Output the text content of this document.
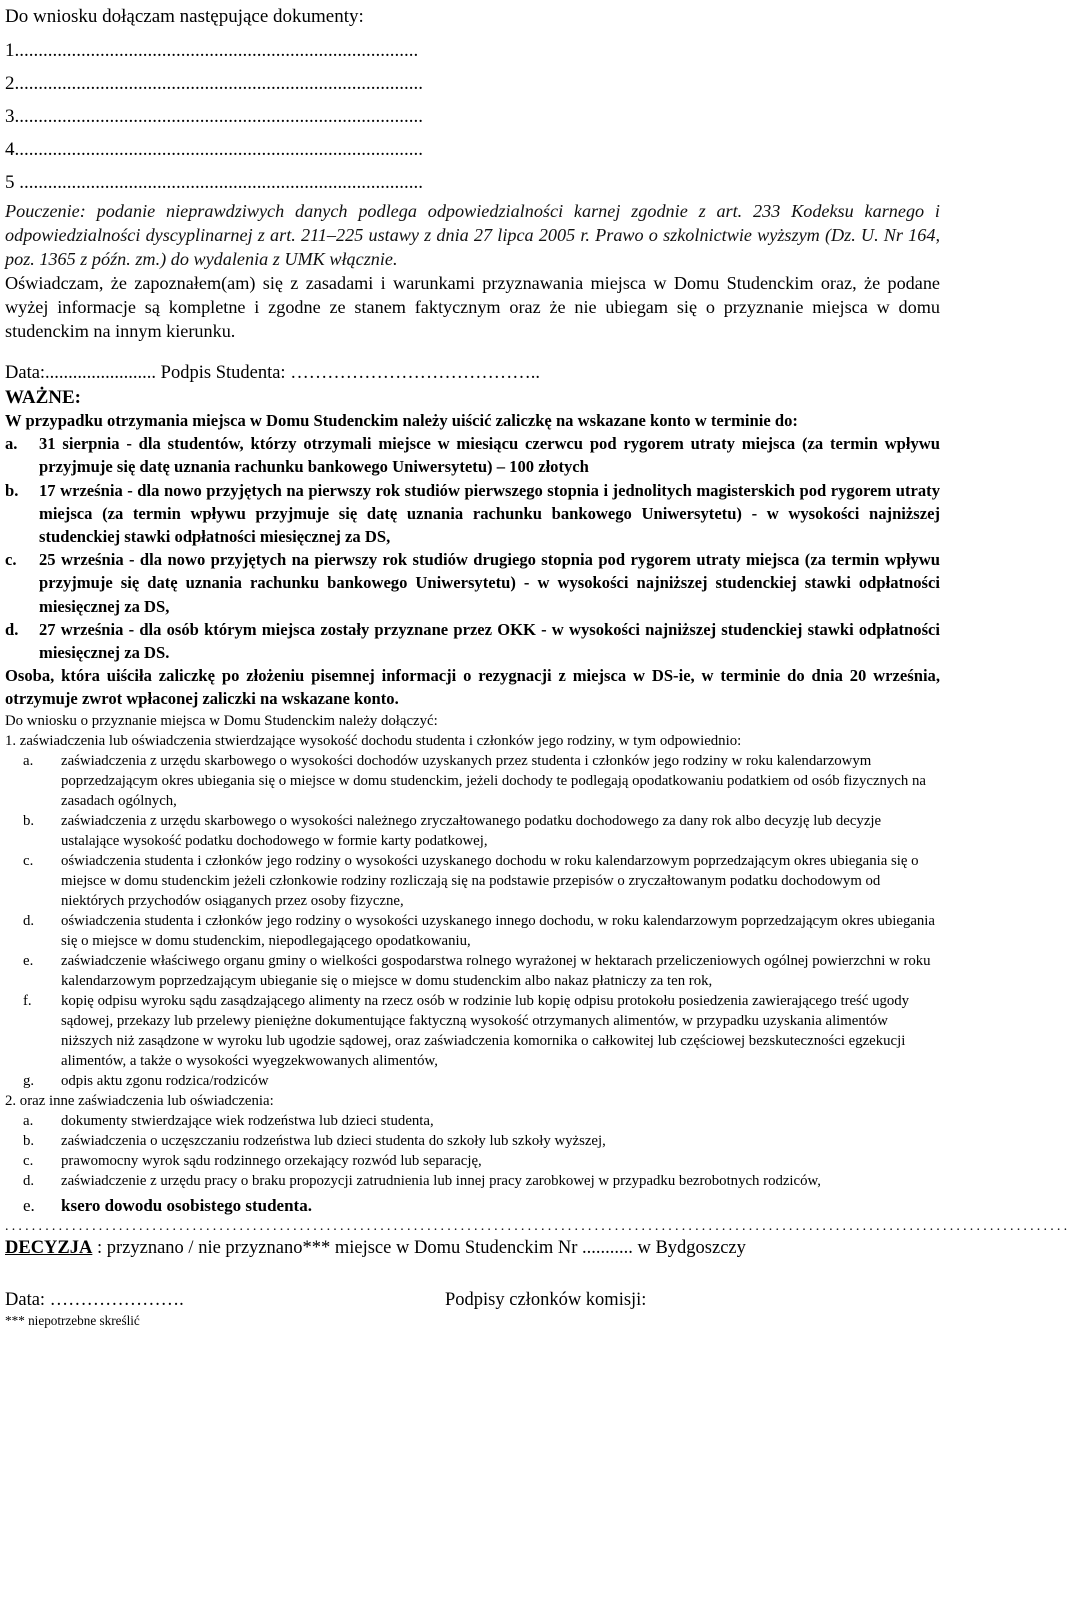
Do wniosku dołączam następujące dokumenty:
1.....................................................................................
2......................................................................................
3......................................................................................
4......................................................................................
5 .....................................................................................
Pouczenie: podanie nieprawdziwych danych podlega odpowiedzialności karnej zgodnie z art. 233 Kodeksu karnego i odpowiedzialności dyscyplinarnej z art. 211–225 ustawy z dnia 27 lipca 2005 r. Prawo o szkolnictwie wyższym (Dz. U. Nr 164, poz. 1365 z późn. zm.) do wydalenia z UMK włącznie.
Oświadczam, że zapoznałem(am) się z zasadami i warunkami przyznawania miejsca w Domu Studenckim oraz, że podane wyżej informacje są kompletne i zgodne ze stanem faktycznym oraz że nie ubiegam się o przyznanie miejsca w domu studenckim na innym kierunku.
Data:........................ Podpis Studenta: …………………………………..
WAŻNE:
W przypadku otrzymania miejsca w Domu Studenckim należy uiścić zaliczkę na wskazane konto w terminie do:
a.	31 sierpnia - dla studentów, którzy otrzymali miejsce w miesiącu czerwcu pod rygorem utraty miejsca (za termin wpływu przyjmuje się datę uznania rachunku bankowego Uniwersytetu) – 100 złotych
b.	17 września - dla nowo przyjętych na pierwszy rok studiów pierwszego stopnia i jednolitych magisterskich pod rygorem utraty miejsca (za termin wpływu przyjmuje się datę uznania rachunku bankowego Uniwersytetu) - w wysokości najniższej studenckiej stawki odpłatności miesięcznej za DS,
c.	25 września - dla nowo przyjętych na pierwszy rok studiów drugiego stopnia pod rygorem utraty miejsca (za termin wpływu przyjmuje się datę uznania rachunku bankowego Uniwersytetu) - w wysokości najniższej studenckiej stawki odpłatności miesięcznej za DS,
d.	27 września - dla osób którym miejsca zostały przyznane przez OKK - w wysokości najniższej studenckiej stawki odpłatności miesięcznej za DS.
Osoba, która uiściła zaliczkę po złożeniu pisemnej informacji o rezygnacji z miejsca w DS-ie, w terminie do dnia 20 września, otrzymuje zwrot wpłaconej zaliczki na wskazane konto.
Do wniosku o przyznanie miejsca w Domu Studenckim należy dołączyć:
1. zaświadczenia lub oświadczenia stwierdzające wysokość dochodu studenta i członków jego rodziny, w tym odpowiednio:
a.	zaświadczenia z urzędu skarbowego o wysokości dochodów uzyskanych przez studenta i członków jego rodziny w roku kalendarzowym poprzedzającym okres ubiegania się o miejsce w domu studenckim, jeżeli dochody te podlegają opodatkowaniu podatkiem od osób fizycznych na zasadach ogólnych,
b.	zaświadczenia z urzędu skarbowego o wysokości należnego zryczałtowanego podatku dochodowego za dany rok albo decyzję lub decyzje ustalające wysokość podatku dochodowego w formie karty podatkowej,
c.	oświadczenia studenta i członków jego rodziny o wysokości uzyskanego dochodu w roku kalendarzowym poprzedzającym okres ubiegania się o miejsce w domu studenckim jeżeli członkowie rodziny rozliczają się na podstawie przepisów o zryczałtowanym podatku dochodowym od niektórych przychodów osiąganych przez osoby fizyczne,
d.	oświadczenia studenta i członków jego rodziny o wysokości uzyskanego innego dochodu, w roku kalendarzowym poprzedzającym okres ubiegania się o miejsce w domu studenckim, niepodlegającego opodatkowaniu,
e.	zaświadczenie właściwego organu gminy o wielkości gospodarstwa rolnego wyrażonej w hektarach przeliczeniowych ogólnej powierzchni w roku kalendarzowym poprzedzającym ubieganie się o miejsce w domu studenckim albo nakaz płatniczy za ten rok,
f.	kopię odpisu wyroku sądu zasądzającego alimenty na rzecz osób w rodzinie lub kopię odpisu protokołu posiedzenia zawierającego treść ugody sądowej, przekazy lub przelewy pieniężne dokumentujące faktyczną wysokość otrzymanych alimentów, w przypadku uzyskania alimentów niższych niż zasądzone w wyroku lub ugodzie sądowej, oraz zaświadczenia komornika o całkowitej lub częściowej bezskuteczności egzekucji alimentów, a także o wysokości wyegzekwowanych alimentów,
g.	odpis aktu zgonu rodzica/rodziców
2. oraz inne zaświadczenia lub oświadczenia:
a.	dokumenty stwierdzające wiek rodzeństwa lub dzieci studenta,
b.	zaświadczenia o uczęszczaniu rodzeństwa lub dzieci studenta do szkoły lub szkoły wyższej,
c.	prawomocny wyrok sądu rodzinnego orzekający rozwód lub separację,
d.	zaświadczenie z urzędu pracy o braku propozycji zatrudnienia lub innej pracy zarobkowej w przypadku bezrobotnych rodziców,
e.	ksero dowodu osobistego studenta.
...............................................................................................................................................................
DECYZJA : przyznano / nie przyznano*** miejsce w Domu Studenckim Nr ........... w Bydgoszczy
Data: ………………….	Podpisy członków komisji:
*** niepotrzebne skreślić
